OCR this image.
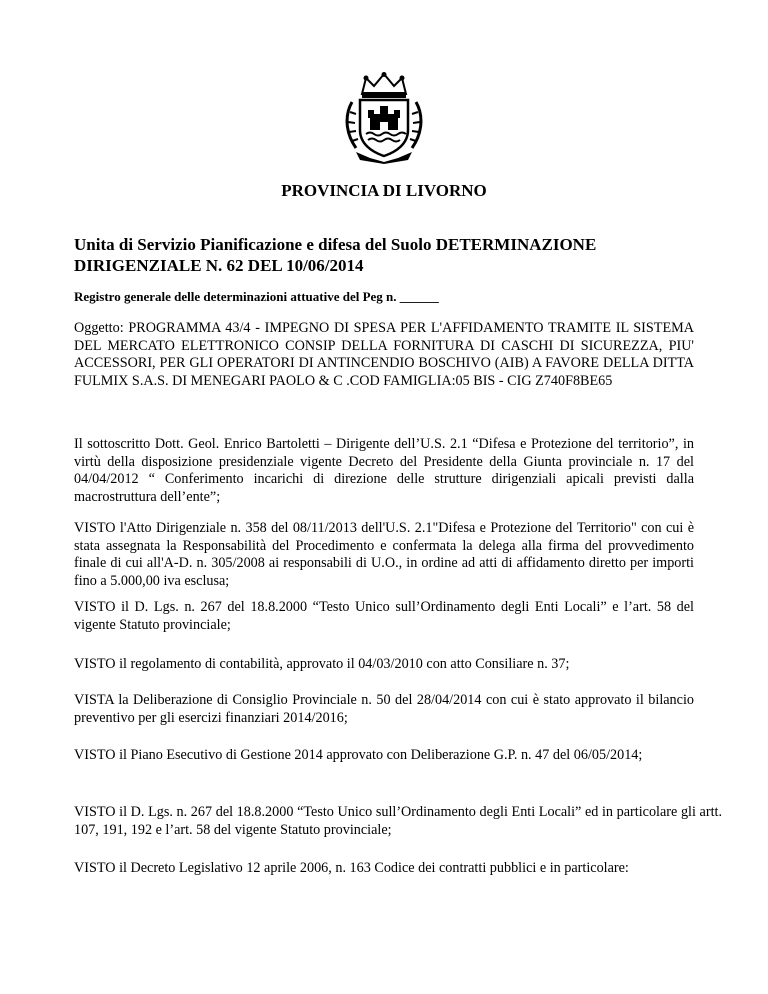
PROVINCIA DI LIVORNO
Unita di Servizio Pianificazione e difesa del Suolo DETERMINAZIONE DIRIGENZIALE N. 62 DEL 10/06/2014
Registro generale delle determinazioni attuative del Peg n. ______

Oggetto: PROGRAMMA 43/4 - IMPEGNO DI SPESA PER L'AFFIDAMENTO TRAMITE IL SISTEMA DEL MERCATO ELETTRONICO CONSIP DELLA FORNITURA DI CASCHI DI SICUREZZA, PIU' ACCESSORI, PER GLI OPERATORI DI ANTINCENDIO BOSCHIVO (AIB) A FAVORE DELLA DITTA FULMIX S.A.S. DI MENEGARI PAOLO & C .COD FAMIGLIA:05 BIS - CIG Z740F8BE65

Il sottoscritto Dott. Geol. Enrico Bartoletti – Dirigente dell’U.S. 2.1 “Difesa e Protezione del territorio”, in virtù della disposizione presidenziale vigente Decreto del Presidente della Giunta provinciale n. 17 del 04/04/2012 “ Conferimento incarichi di direzione delle strutture dirigenziali apicali previsti dalla macrostruttura dell’ente”;

VISTO l'Atto Dirigenziale n. 358 del 08/11/2013 dell'U.S. 2.1"Difesa e Protezione del Territorio" con cui è stata assegnata la Responsabilità del Procedimento e confermata la delega alla firma del provvedimento finale di cui all'A-D. n. 305/2008 ai responsabili di U.O., in ordine ad atti di affidamento diretto per importi fino a 5.000,00 iva esclusa;

VISTO il D. Lgs. n. 267 del 18.8.2000 “Testo Unico sull’Ordinamento degli Enti Locali” e l’art. 58 del vigente Statuto provinciale;

VISTO il regolamento di contabilità, approvato il 04/03/2010 con atto Consiliare n. 37;

VISTA la Deliberazione di Consiglio Provinciale n. 50 del 28/04/2014 con cui è stato approvato il bilancio preventivo per gli esercizi finanziari 2014/2016;

VISTO il Piano Esecutivo di Gestione 2014 approvato con Deliberazione G.P. n. 47 del 06/05/2014;

VISTO il D. Lgs. n. 267 del 18.8.2000 “Testo Unico sull’Ordinamento degli Enti Locali” ed in particolare gli artt. 107, 191, 192 e l’art. 58 del vigente Statuto provinciale;

VISTO il Decreto Legislativo 12 aprile 2006, n. 163 Codice dei contratti pubblici e in particolare:
